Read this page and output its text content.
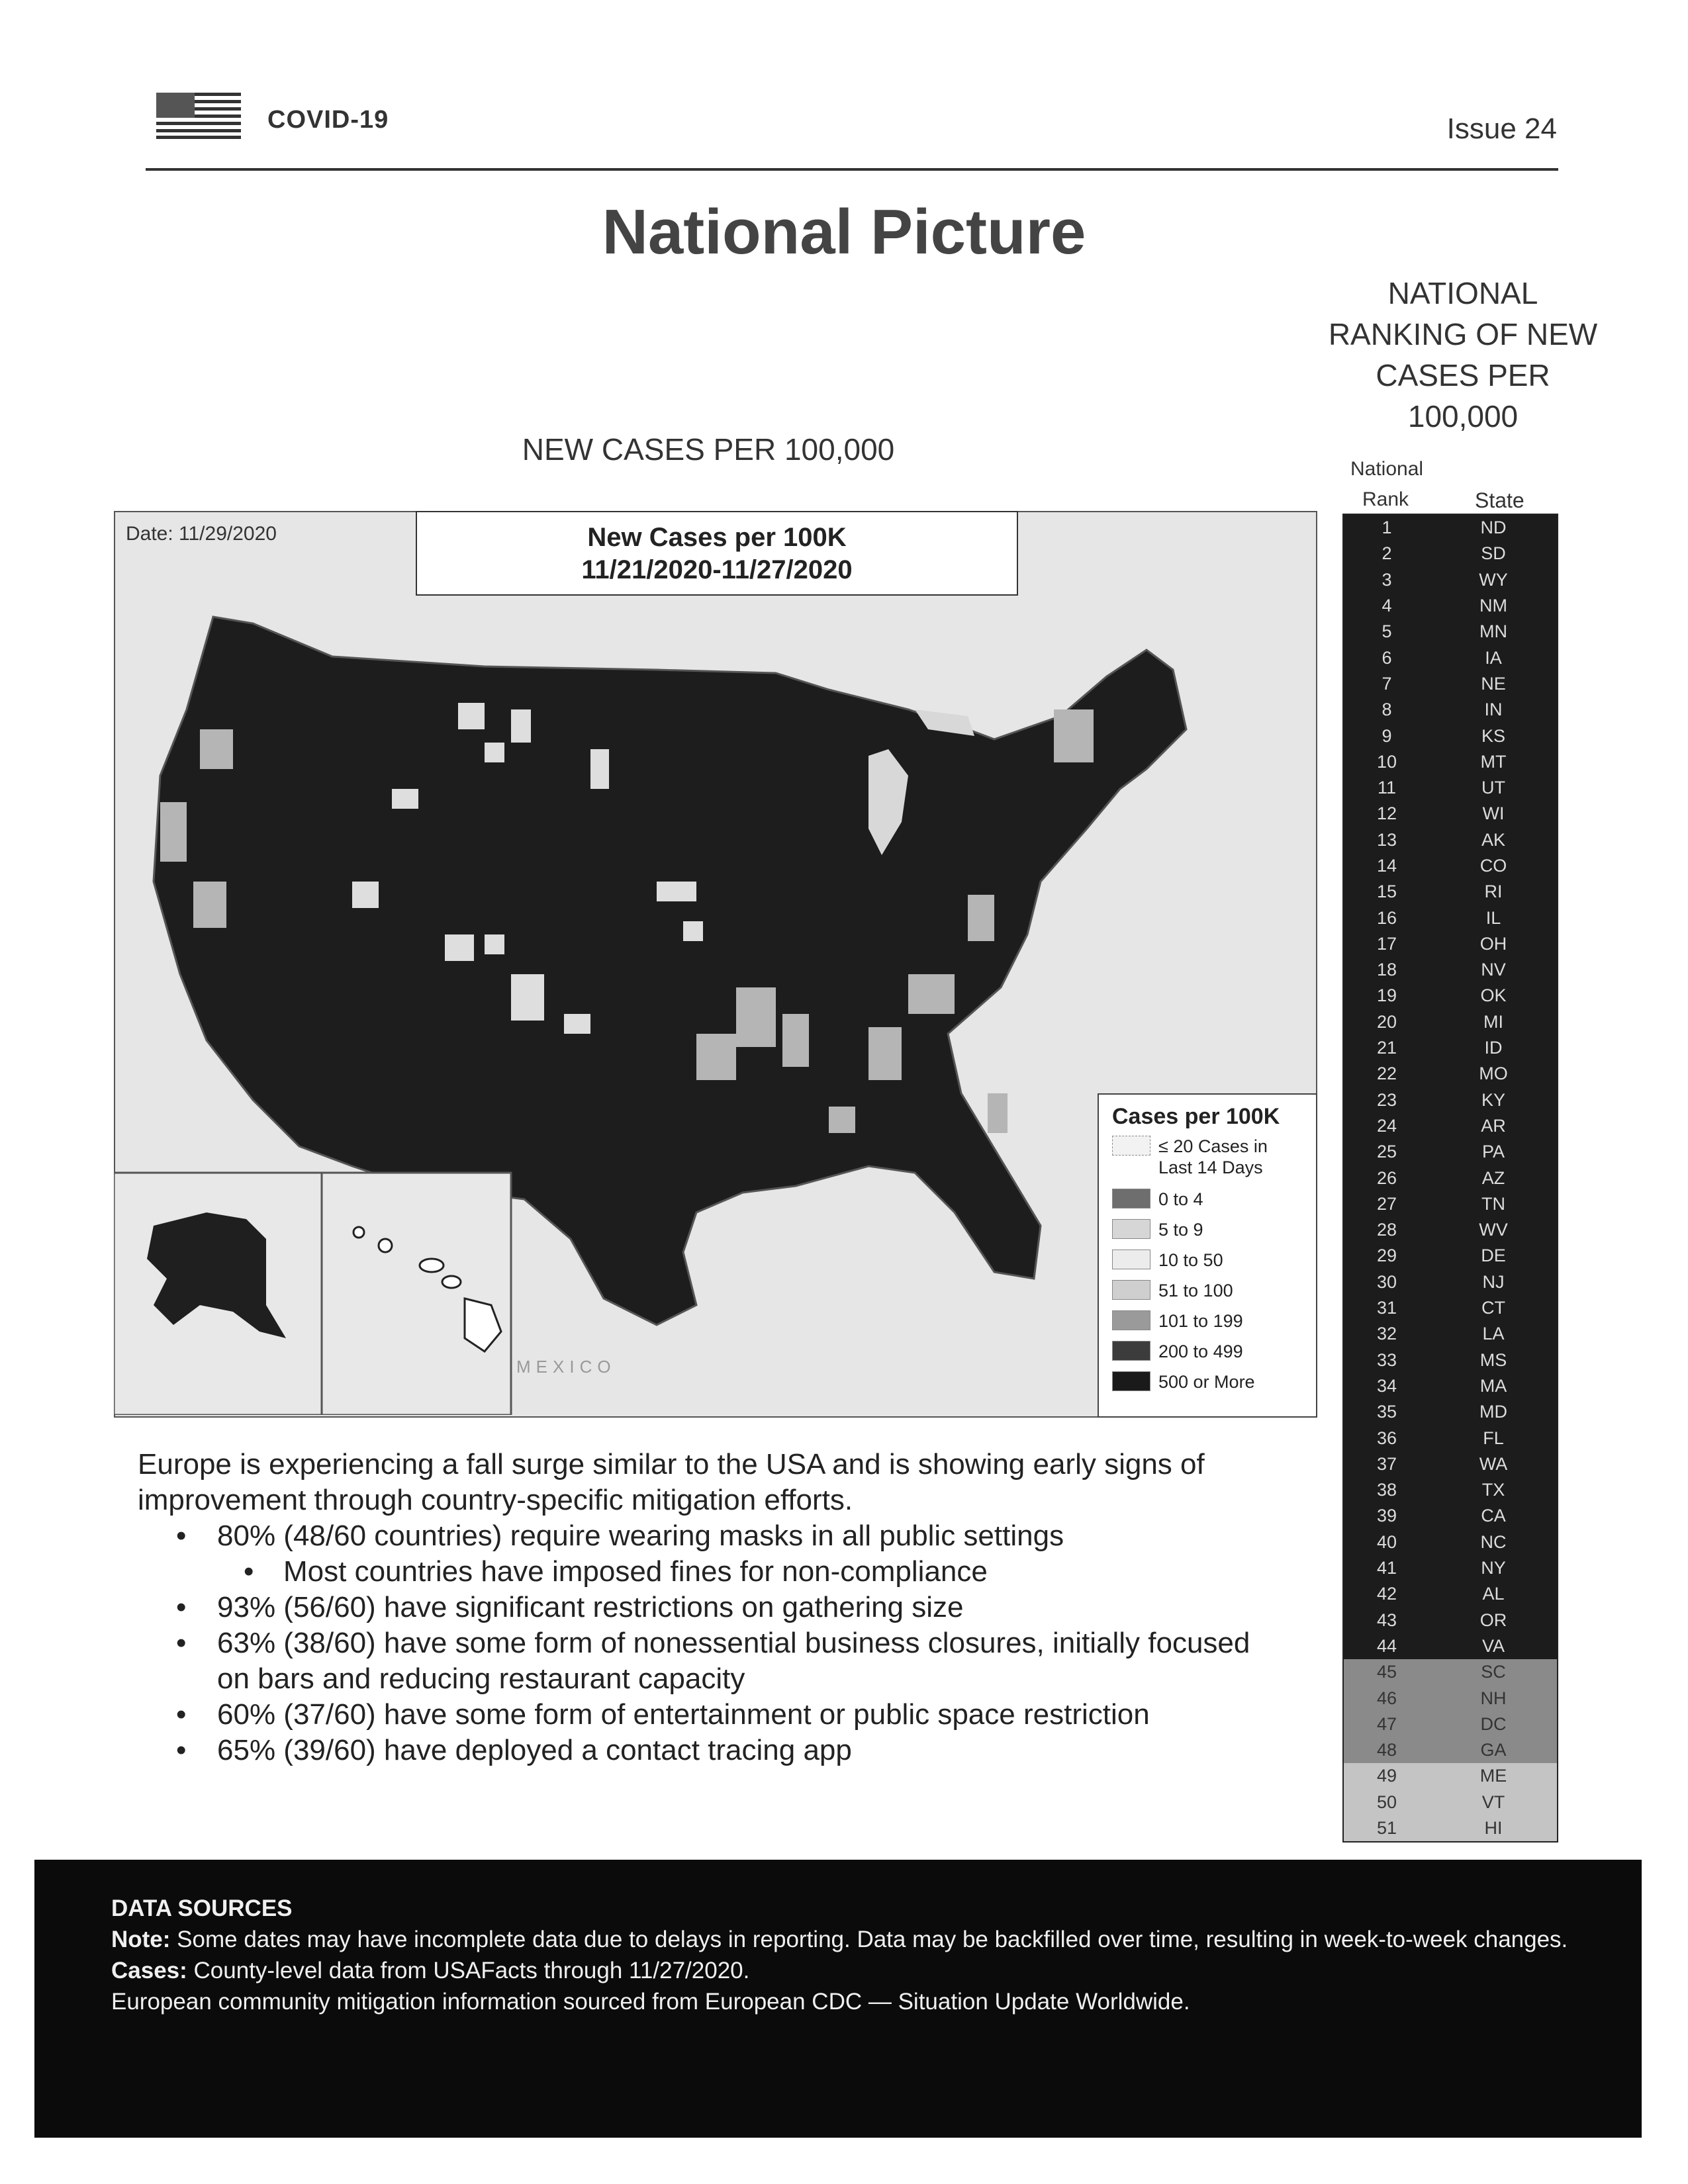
COVID-19	Issue 24
National Picture
NATIONAL RANKING OF NEW CASES PER 100,000
National
Rank	State
1	ND
2	SD
3	WY
4	NM
5	MN
6	IA
7	NE
8	IN
9	KS
10	MT
11	UT
12	WI
13	AK
14	CO
15	RI
16	IL
17	OH
18	NV
19	OK
20	MI
21	ID
22	MO
23	KY
24	AR
25	PA
26	AZ
27	TN
28	WV
29	DE
30	NJ
31	CT
32	LA
33	MS
34	MA
35	MD
36	FL
37	WA
38	TX
39	CA
40	NC
41	NY
42	AL
43	OR
44	VA
45	SC
46	NH
47	DC
48	GA
49	ME
50	VT
51	HI
NEW CASES PER 100,000
Date: 11/29/2020	New Cases per 100K
11/21/2020-11/27/2020
MEXICO
Cases per 100K
≤ 20 Cases in Last 14 Days
0 to 4
5 to 9
10 to 50
51 to 100
101 to 199
200 to 499
500 or More
Europe is experiencing a fall surge similar to the USA and is showing early signs of improvement through country-specific mitigation efforts.
• 80% (48/60 countries) require wearing masks in all public settings
• Most countries have imposed fines for non-compliance
• 93% (56/60) have significant restrictions on gathering size
• 63% (38/60) have some form of nonessential business closures, initially focused on bars and reducing restaurant capacity
• 60% (37/60) have some form of entertainment or public space restriction
• 65% (39/60) have deployed a contact tracing app
DATA SOURCES
Note: Some dates may have incomplete data due to delays in reporting. Data may be backfilled over time, resulting in week-to-week changes.
Cases: County-level data from USAFacts through 11/27/2020.
European community mitigation information sourced from European CDC — Situation Update Worldwide.
